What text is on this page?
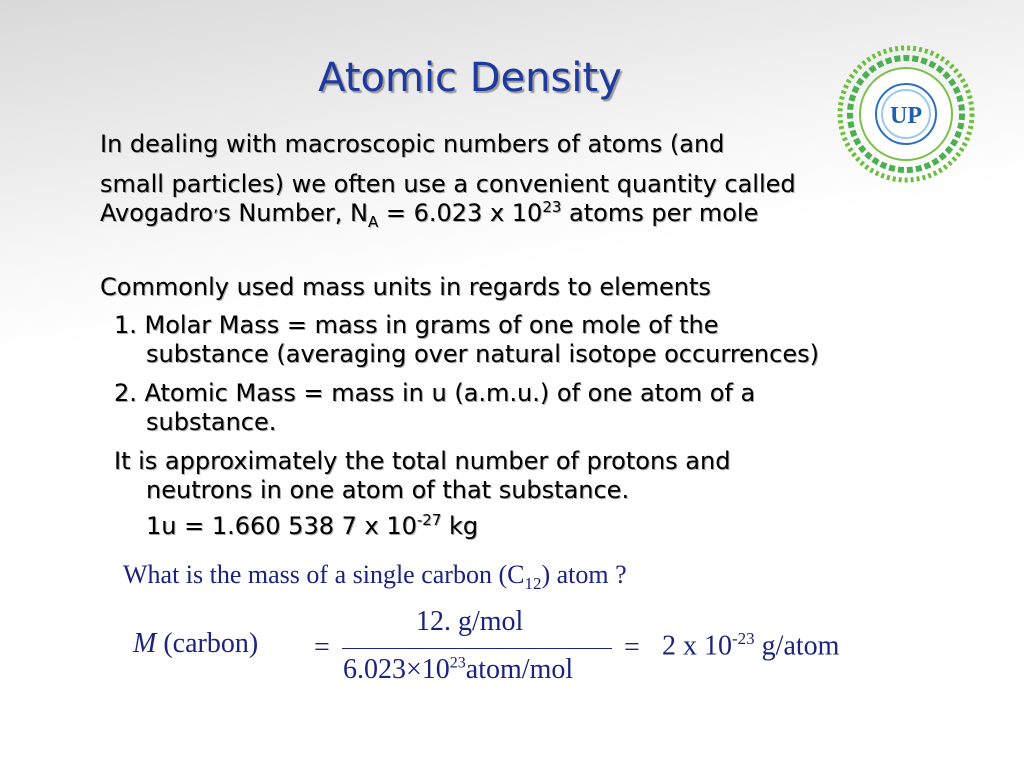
Atomic Density
UP
In dealing with macroscopic numbers of atoms (and
small particles) we often use a convenient quantity called
Avogadro’s Number, $N_A = 6.023$ x $10^{23}$ atoms per mole
Commonly used mass units in regards to elements
1. Molar Mass = mass in grams of one mole of the
substance (averaging over natural isotope occurrences)
2. Atomic Mass = mass in u (a.m.u.) of one atom of a
substance.
It is approximately the total number of protons and
neutrons in one atom of that substance.
1u = 1.660 538 7 x $10^{-27}$ kg
What is the mass of a single carbon $(C_{12})$ atom ?
M (carbon) =
12. g/mol
$6.023\times 10^{23}atom$/mol
= 2 x $10^{-23}$ g/atom
